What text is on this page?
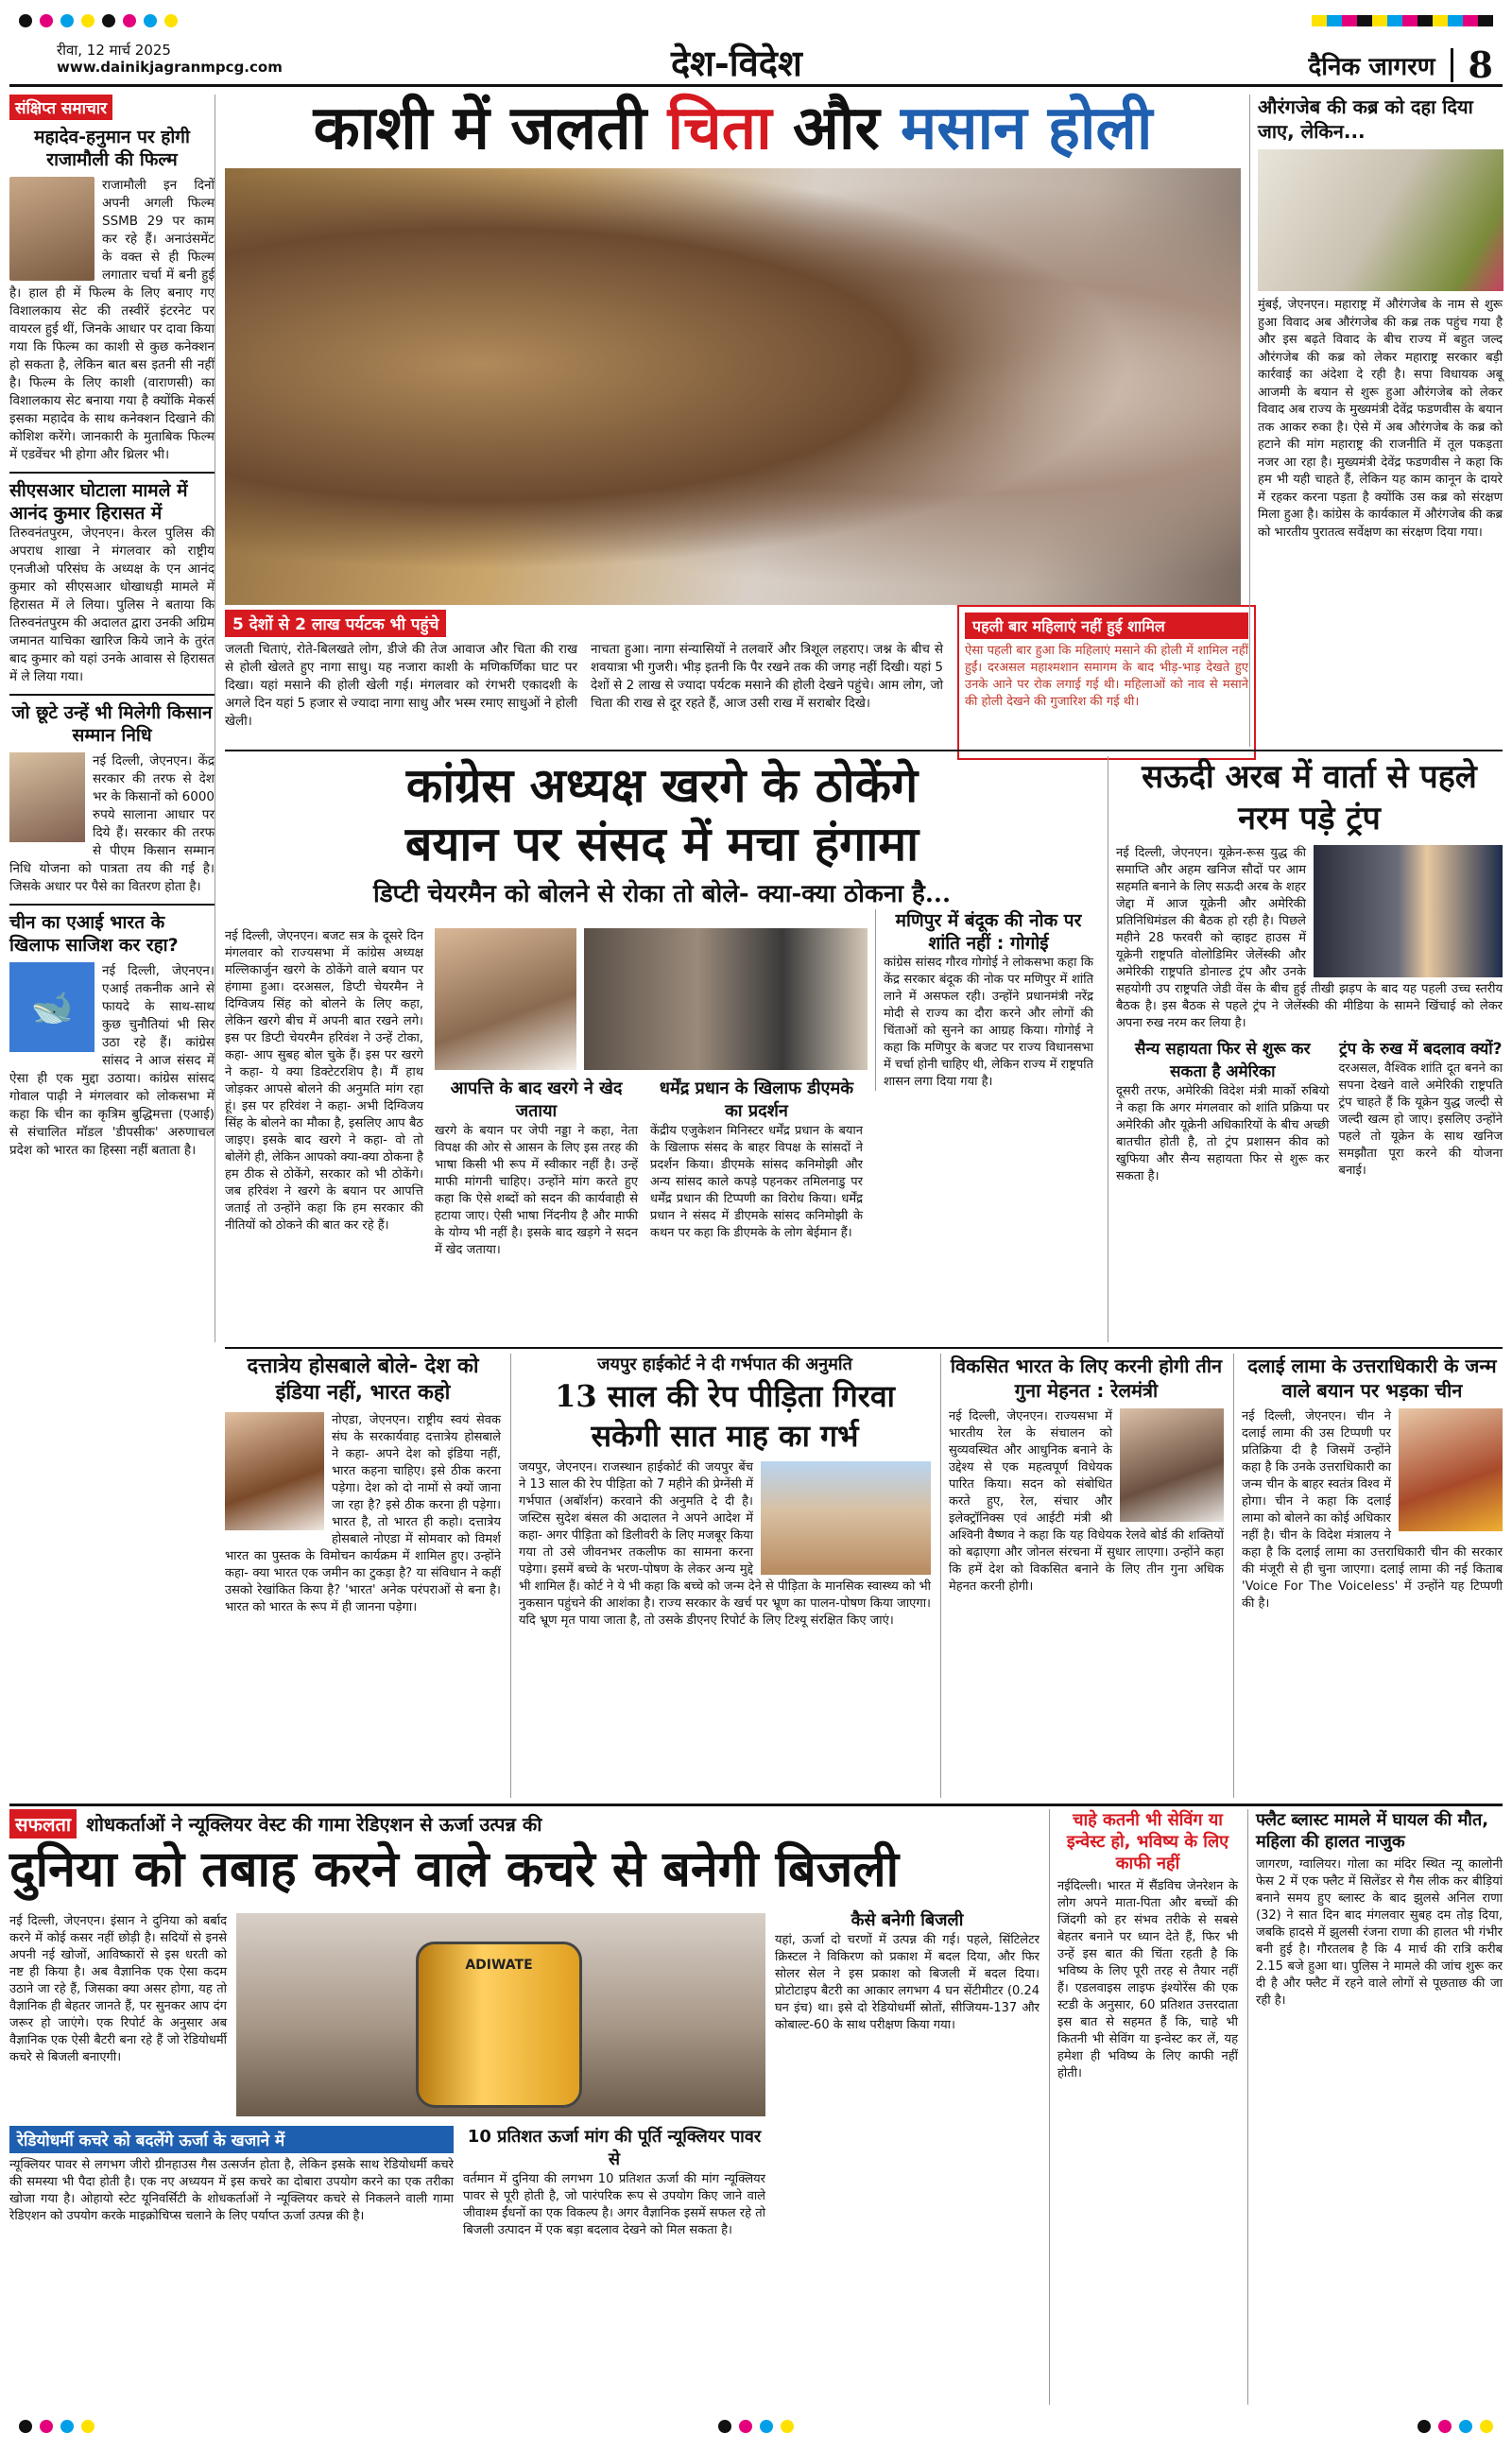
रीवा, 12 मार्च 2025
www.dainikjagranmpcg.com	देश-विदेश	दैनिक जागरण 8
संक्षिप्त समाचार
महादेव-हनुमान पर होगी राजामौली की फिल्म
राजामौली इन दिनों अपनी अगली फिल्म SSMB 29 पर काम कर रहे हैं। अनाउंसमेंट के वक्त से ही फिल्म लगातार चर्चा में बनी हुई है। हाल ही में फिल्म के लिए बनाए गए विशालकाय सेट की तस्वीरें इंटरनेट पर वायरल हुई थीं, जिनके आधार पर दावा किया गया कि फिल्म का काशी से कुछ कनेक्शन हो सकता है, लेकिन बात बस इतनी सी नहीं है। फिल्म के लिए काशी (वाराणसी) का विशालकाय सेट बनाया गया है क्योंकि मेकर्स इसका महादेव के साथ कनेक्शन दिखाने की कोशिश करेंगे। जानकारी के मुताबिक फिल्म में एडवेंचर भी होगा और थ्रिलर भी।
सीएसआर घोटाला मामले में आनंद कुमार हिरासत में
तिरुवनंतपुरम, जेएनएन। केरल पुलिस की अपराध शाखा ने मंगलवार को राष्ट्रीय एनजीओ परिसंघ के अध्यक्ष के एन आनंद कुमार को सीएसआर धोखाधड़ी मामले में हिरासत में ले लिया। पुलिस ने बताया कि तिरुवनंतपुरम की अदालत द्वारा उनकी अग्रिम जमानत याचिका खारिज किये जाने के तुरंत बाद कुमार को यहां उनके आवास से हिरासत में ले लिया गया।
जो छूटे उन्हें भी मिलेगी किसान सम्मान निधि
नई दिल्ली, जेएनएन। केंद्र सरकार की तरफ से देश भर के किसानों को 6000 रुपये सालाना आधार पर दिये हैं। सरकार की तरफ से पीएम किसान सम्मान निधि योजना को पात्रता तय की गई है। जिसके अधार पर पैसे का वितरण होता है।
चीन का एआई भारत के खिलाफ साजिश कर रहा?
🐋
नई दिल्ली, जेएनएन। एआई तकनीक आने से फायदे के साथ-साथ कुछ चुनौतियां भी सिर उठा रहे हैं। कांग्रेस सांसद ने आज संसद में ऐसा ही एक मुद्दा उठाया। कांग्रेस सांसद गोवाल पाढ़ी ने मंगलवार को लोकसभा में कहा कि चीन का कृत्रिम बुद्धिमत्ता (एआई) से संचालित मॉडल 'डीपसीक' अरुणाचल प्रदेश को भारत का हिस्सा नहीं बताता है।
काशी में जलती चिता और मसान होली
5 देशों से 2 लाख पर्यटक भी पहुंचे
जलती चिताएं, रोते-बिलखते लोग, डीजे की तेज आवाज और चिता की राख से होली खेलते हुए नागा साधु। यह नजारा काशी के मणिकर्णिका घाट पर दिखा। यहां मसाने की होली खेली गई। मंगलवार को रंगभरी एकादशी के अगले दिन यहां 5 हजार से ज्यादा नागा साधु और भस्म रमाए साधुओं ने होली खेली।
नाचता हुआ। नागा संन्यासियों ने तलवारें और त्रिशूल लहराए। जश्न के बीच से शवयात्रा भी गुजरी। भीड़ इतनी कि पैर रखने तक की जगह नहीं दिखी। यहां 5 देशों से 2 लाख से ज्यादा पर्यटक मसाने की होली देखने पहुंचे। आम लोग, जो चिता की राख से दूर रहते हैं, आज उसी राख में सराबोर दिखे।
पहली बार महिलाएं नहीं हुई शामिल
ऐसा पहली बार हुआ कि महिलाएं मसाने की होली में शामिल नहीं हुईं। दरअसल महाश्मशान समागम के बाद भीड़-भाड़ देखते हुए उनके आने पर रोक लगाई गई थी। महिलाओं को नाव से मसाने की होली देखने की गुजारिश की गई थी।
औरंगजेब की कब्र को दहा दिया जाए, लेकिन...
मुंबई, जेएनएन। महाराष्ट्र में औरंगजेब के नाम से शुरू हुआ विवाद अब औरंगजेब की कब्र तक पहुंच गया है और इस बढ़ते विवाद के बीच राज्य में बहुत जल्द औरंगजेब की कब्र को लेकर महाराष्ट्र सरकार बड़ी कार्रवाई का अंदेशा दे रही है। सपा विधायक अबू आजमी के बयान से शुरू हुआ औरंगजेब को लेकर विवाद अब राज्य के मुख्यमंत्री देवेंद्र फडणवीस के बयान तक आकर रुका है। ऐसे में अब औरंगजेब के कब्र को हटाने की मांग महाराष्ट्र की राजनीति में तूल पकड़ता नजर आ रहा है। मुख्यमंत्री देवेंद्र फडणवीस ने कहा कि हम भी यही चाहते हैं, लेकिन यह काम कानून के दायरे में रहकर करना पड़ता है क्योंकि उस कब्र को संरक्षण मिला हुआ है। कांग्रेस के कार्यकाल में औरंगजेब की कब्र को भारतीय पुरातत्व सर्वेक्षण का संरक्षण दिया गया।
कांग्रेस अध्यक्ष खरगे के ठोकेंगे
बयान पर संसद में मचा हंगामा
डिप्टी चेयरमैन को बोलने से रोका तो बोले- क्या-क्या ठोकना है...
नई दिल्ली, जेएनएन। बजट सत्र के दूसरे दिन मंगलवार को राज्यसभा में कांग्रेस अध्यक्ष मल्लिकार्जुन खरगे के ठोकेंगे वाले बयान पर हंगामा हुआ। दरअसल, डिप्टी चेयरमैन ने दिग्विजय सिंह को बोलने के लिए कहा, लेकिन खरगे बीच में अपनी बात रखने लगे। इस पर डिप्टी चेयरमैन हरिवंश ने उन्हें टोका, कहा- आप सुबह बोल चुके हैं। इस पर खरगे ने कहा- ये क्या डिक्टेटरशिप है। मैं हाथ जोड़कर आपसे बोलने की अनुमति मांग रहा हूं। इस पर हरिवंश ने कहा- अभी दिग्विजय सिंह के बोलने का मौका है, इसलिए आप बैठ जाइए। इसके बाद खरगे ने कहा- वो तो बोलेंगे ही, लेकिन आपको क्या-क्या ठोकना है हम ठीक से ठोकेंगे, सरकार को भी ठोकेंगे। जब हरिवंश ने खरगे के बयान पर आपत्ति जताई तो उन्होंने कहा कि हम सरकार की नीतियों को ठोकने की बात कर रहे हैं।
आपत्ति के बाद खरगे ने खेद जताया
खरगे के बयान पर जेपी नड्डा ने कहा, नेता विपक्ष की ओर से आसन के लिए इस तरह की भाषा किसी भी रूप में स्वीकार नहीं है। उन्हें माफी मांगनी चाहिए। उन्होंने मांग करते हुए कहा कि ऐसे शब्दों को सदन की कार्यवाही से हटाया जाए। ऐसी भाषा निंदनीय है और माफी के योग्य भी नहीं है। इसके बाद खड़गे ने सदन में खेद जताया।
धर्मेंद्र प्रधान के खिलाफ डीएमके का प्रदर्शन
केंद्रीय एजुकेशन मिनिस्टर धर्मेंद्र प्रधान के बयान के खिलाफ संसद के बाहर विपक्ष के सांसदों ने प्रदर्शन किया। डीएमके सांसद कनिमोझी और अन्य सांसद काले कपड़े पहनकर तमिलनाडु पर धर्मेंद्र प्रधान की टिप्पणी का विरोध किया। धर्मेंद्र प्रधान ने संसद में डीएमके सांसद कनिमोझी के कथन पर कहा कि डीएमके के लोग बेईमान हैं।
मणिपुर में बंदूक की नोक पर शांति नहीं : गोगोई
कांग्रेस सांसद गौरव गोगोई ने लोकसभा कहा कि केंद्र सरकार बंदूक की नोक पर मणिपुर में शांति लाने में असफल रही। उन्होंने प्रधानमंत्री नरेंद्र मोदी से राज्य का दौरा करने और लोगों की चिंताओं को सुनने का आग्रह किया। गोगोई ने कहा कि मणिपुर के बजट पर राज्य विधानसभा में चर्चा होनी चाहिए थी, लेकिन राज्य में राष्ट्रपति शासन लगा दिया गया है।
सऊदी अरब में वार्ता से पहले नरम पड़े ट्रंप
नई दिल्ली, जेएनएन। यूक्रेन-रूस युद्ध की समाप्ति और अहम खनिज सौदों पर आम सहमति बनाने के लिए सऊदी अरब के शहर जेद्दा में आज यूक्रेनी और अमेरिकी प्रतिनिधिमंडल की बैठक हो रही है। पिछले महीने 28 फरवरी को व्हाइट हाउस में यूक्रेनी राष्ट्रपति वोलोडिमिर जेलेंस्की और अमेरिकी राष्ट्रपति डोनाल्ड ट्रंप और उनके सहयोगी उप राष्ट्रपति जेडी वेंस के बीच हुई तीखी झड़प के बाद यह पहली उच्च स्तरीय बैठक है। इस बैठक से पहले ट्रंप ने जेलेंस्की की मीडिया के सामने खिंचाई को लेकर अपना रुख नरम कर लिया है।
सैन्य सहायता फिर से शुरू कर सकता है अमेरिका
दूसरी तरफ, अमेरिकी विदेश मंत्री मार्को रुबियो ने कहा कि अगर मंगलवार को शांति प्रक्रिया पर अमेरिकी और यूक्रेनी अधिकारियों के बीच अच्छी बातचीत होती है, तो ट्रंप प्रशासन कीव को खुफिया और सैन्य सहायता फिर से शुरू कर सकता है।
ट्रंप के रुख में बदलाव क्यों?
दरअसल, वैश्विक शांति दूत बनने का सपना देखने वाले अमेरिकी राष्ट्रपति ट्रंप चाहते हैं कि यूक्रेन युद्ध जल्दी से जल्दी खत्म हो जाए। इसलिए उन्होंने पहले तो यूक्रेन के साथ खनिज समझौता पूरा करने की योजना बनाई।
दत्तात्रेय होसबाले बोले- देश को इंडिया नहीं, भारत कहो
नोएडा, जेएनएन। राष्ट्रीय स्वयं सेवक संघ के सरकार्यवाह दत्तात्रेय होसबाले ने कहा- अपने देश को इंडिया नहीं, भारत कहना चाहिए। इसे ठीक करना पड़ेगा। देश को दो नामों से क्यों जाना जा रहा है? इसे ठीक करना ही पड़ेगा। भारत है, तो भारत ही कहो। दत्तात्रेय होसबाले नोएडा में सोमवार को विमर्श भारत का पुस्तक के विमोचन कार्यक्रम में शामिल हुए। उन्होंने कहा- क्या भारत एक जमीन का टुकड़ा है? या संविधान ने कहीं उसको रेखांकित किया है? 'भारत' अनेक परंपराओं से बना है। भारत को भारत के रूप में ही जानना पड़ेगा।
जयपुर हाईकोर्ट ने दी गर्भपात की अनुमति
13 साल की रेप पीड़िता गिरवा सकेगी सात माह का गर्भ
जयपुर, जेएनएन। राजस्थान हाईकोर्ट की जयपुर बेंच ने 13 साल की रेप पीड़िता को 7 महीने की प्रेग्नेंसी में गर्भपात (अबॉर्शन) करवाने की अनुमति दे दी है। जस्टिस सुदेश बंसल की अदालत ने अपने आदेश में कहा- अगर पीड़िता को डिलीवरी के लिए मजबूर किया गया तो उसे जीवनभर तकलीफ का सामना करना पड़ेगा। इसमें बच्चे के भरण-पोषण के लेकर अन्य मुद्दे भी शामिल हैं। कोर्ट ने ये भी कहा कि बच्चे को जन्म देने से पीड़िता के मानसिक स्वास्थ्य को भी नुकसान पहुंचने की आशंका है। राज्य सरकार के खर्च पर भ्रूण का पालन-पोषण किया जाएगा। यदि भ्रूण मृत पाया जाता है, तो उसके डीएनए रिपोर्ट के लिए टिश्यू संरक्षित किए जाएं।
विकसित भारत के लिए करनी होगी तीन गुना मेहनत : रेलमंत्री
नई दिल्ली, जेएनएन। राज्यसभा में भारतीय रेल के संचालन को सुव्यवस्थित और आधुनिक बनाने के उद्देश्य से एक महत्वपूर्ण विधेयक पारित किया। सदन को संबोधित करते हुए, रेल, संचार और इलेक्ट्रॉनिक्स एवं आईटी मंत्री श्री अश्विनी वैष्णव ने कहा कि यह विधेयक रेलवे बोर्ड की शक्तियों को बढ़ाएगा और जोनल संरचना में सुधार लाएगा। उन्होंने कहा कि हमें देश को विकसित बनाने के लिए तीन गुना अधिक मेहनत करनी होगी।
दलाई लामा के उत्तराधिकारी के जन्म वाले बयान पर भड़का चीन
नई दिल्ली, जेएनएन। चीन ने दलाई लामा की उस टिप्पणी पर प्रतिक्रिया दी है जिसमें उन्होंने कहा है कि उनके उत्तराधिकारी का जन्म चीन के बाहर स्वतंत्र विश्व में होगा। चीन ने कहा कि दलाई लामा को बोलने का कोई अधिकार नहीं है। चीन के विदेश मंत्रालय ने कहा है कि दलाई लामा का उत्तराधिकारी चीन की सरकार की मंजूरी से ही चुना जाएगा। दलाई लामा की नई किताब 'Voice For The Voiceless' में उन्होंने यह टिप्पणी की है।
सफलता शोधकर्ताओं ने न्यूक्लियर वेस्ट की गामा रेडिएशन से ऊर्जा उत्पन्न की
दुनिया को तबाह करने वाले कचरे से बनेगी बिजली
नई दिल्ली, जेएनएन। इंसान ने दुनिया को बर्बाद करने में कोई कसर नहीं छोड़ी है। सदियों से इनसे अपनी नई खोजों, आविष्कारों से इस धरती को नष्ट ही किया है। अब वैज्ञानिक एक ऐसा कदम उठाने जा रहे हैं, जिसका क्या असर होगा, यह तो वैज्ञानिक ही बेहतर जानते हैं, पर सुनकर आप दंग जरूर हो जाएंगे। एक रिपोर्ट के अनुसार अब वैज्ञानिक एक ऐसी बैटरी बना रहे हैं जो रेडियोधर्मी कचरे से बिजली बनाएगी।
ADIWATE
कैसे बनेगी बिजली
यहां, ऊर्जा दो चरणों में उत्पन्न की गई। पहले, सिंटिलेटर क्रिस्टल ने विकिरण को प्रकाश में बदल दिया, और फिर सोलर सेल ने इस प्रकाश को बिजली में बदल दिया। प्रोटोटाइप बैटरी का आकार लगभग 4 घन सेंटीमीटर (0.24 घन इंच) था। इसे दो रेडियोधर्मी स्रोतों, सीजियम-137 और कोबाल्ट-60 के साथ परीक्षण किया गया।
रेडियोधर्मी कचरे को बदलेंगे ऊर्जा के खजाने में
न्यूक्लियर पावर से लगभग जीरो ग्रीनहाउस गैस उत्सर्जन होता है, लेकिन इसके साथ रेडियोधर्मी कचरे की समस्या भी पैदा होती है। एक नए अध्ययन में इस कचरे का दोबारा उपयोग करने का एक तरीका खोजा गया है। ओहायो स्टेट यूनिवर्सिटी के शोधकर्ताओं ने न्यूक्लियर कचरे से निकलने वाली गामा रेडिएशन को उपयोग करके माइक्रोचिप्स चलाने के लिए पर्याप्त ऊर्जा उत्पन्न की है।
10 प्रतिशत ऊर्जा मांग की पूर्ति न्यूक्लियर पावर से
वर्तमान में दुनिया की लगभग 10 प्रतिशत ऊर्जा की मांग न्यूक्लियर पावर से पूरी होती है, जो पारंपरिक रूप से उपयोग किए जाने वाले जीवाश्म ईंधनों का एक विकल्प है। अगर वैज्ञानिक इसमें सफल रहे तो बिजली उत्पादन में एक बड़ा बदलाव देखने को मिल सकता है।
चाहे कतनी भी सेविंग या इन्वेस्ट हो, भविष्य के लिए काफी नहीं
नईदिल्ली। भारत में सैंडविच जेनरेशन के लोग अपने माता-पिता और बच्चों की जिंदगी को हर संभव तरीके से सबसे बेहतर बनाने पर ध्यान देते हैं, फिर भी उन्हें इस बात की चिंता रहती है कि भविष्य के लिए पूरी तरह से तैयार नहीं हैं। एडलवाइस लाइफ इंश्योरेंस की एक स्टडी के अनुसार, 60 प्रतिशत उत्तरदाता इस बात से सहमत हैं कि, चाहे भी कितनी भी सेविंग या इन्वेस्ट कर लें, यह हमेशा ही भविष्य के लिए काफी नहीं होती।
फ्लैट ब्लास्ट मामले में घायल की मौत, महिला की हालत नाजुक
जागरण, ग्वालियर। गोला का मंदिर स्थित न्यू कालोनी फेस 2 में एक फ्लैट में सिलेंडर से गैस लीक कर बीड़ियां बनाने समय हुए ब्लास्ट के बाद झुलसे अनिल राणा (32) ने सात दिन बाद मंगलवार सुबह दम तोड़ दिया, जबकि हादसे में झुलसी रंजना राणा की हालत भी गंभीर बनी हुई है। गौरतलब है कि 4 मार्च की रात्रि करीब 2.15 बजे हुआ था। पुलिस ने मामले की जांच शुरू कर दी है और फ्लैट में रहने वाले लोगों से पूछताछ की जा रही है।
